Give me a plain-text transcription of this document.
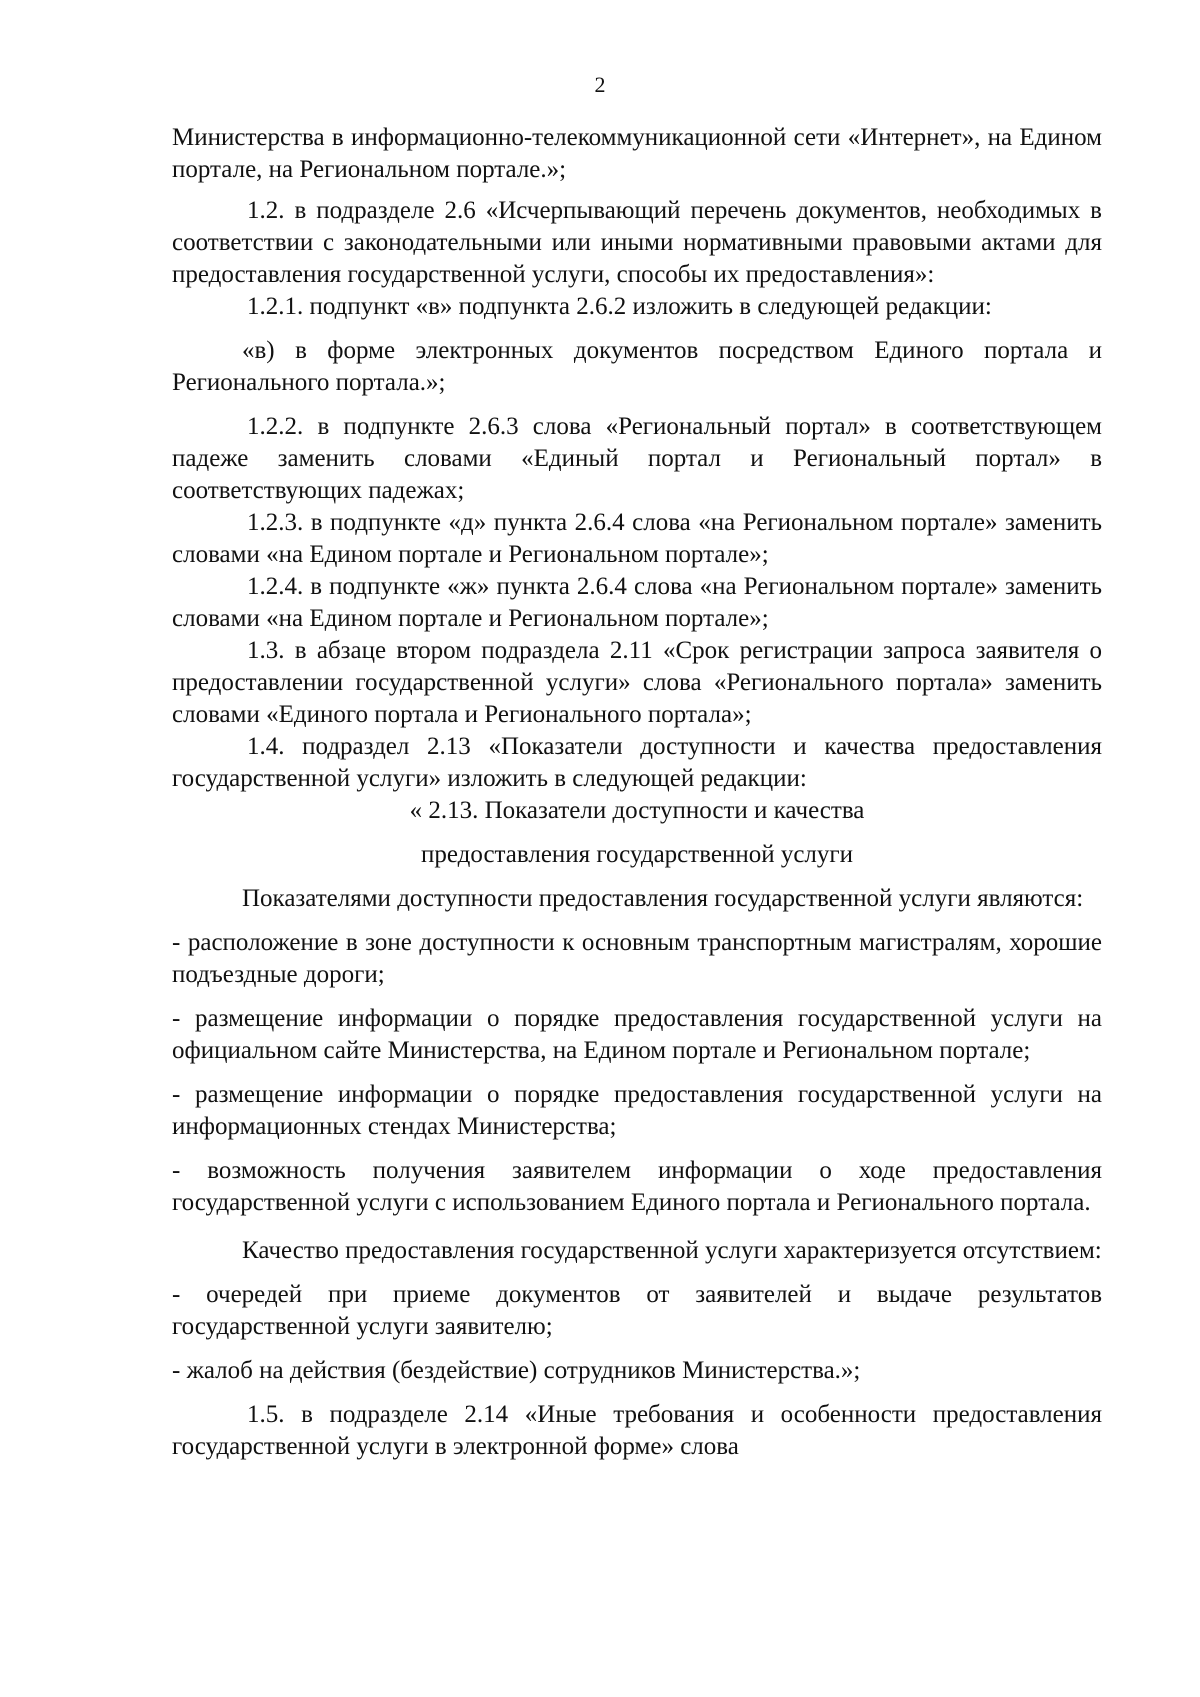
2

Министерства в информационно-телекоммуникационной сети «Интернет», на Едином портале, на Региональном портале.»;

1.2. в подразделе 2.6 «Исчерпывающий перечень документов, необходимых в соответствии с законодательными или иными нормативными правовыми актами для предоставления государственной услуги, способы их предоставления»:

1.2.1. подпункт «в» подпункта 2.6.2 изложить в следующей редакции:

«в) в форме электронных документов посредством Единого портала и Регионального портала.»;

1.2.2. в подпункте 2.6.3 слова «Региональный портал» в соответствующем падеже заменить словами «Единый портал и Региональный портал» в соответствующих падежах;

1.2.3. в подпункте «д» пункта 2.6.4 слова «на Региональном портале» заменить словами «на Едином портале и Региональном портале»;

1.2.4. в подпункте «ж» пункта 2.6.4 слова «на Региональном портале» заменить словами «на Едином портале и Региональном портале»;

1.3. в абзаце втором подраздела 2.11 «Срок регистрации запроса заявителя о предоставлении государственной услуги» слова «Регионального портала» заменить словами «Единого портала и Регионального портала»;

1.4. подраздел 2.13 «Показатели доступности и качества предоставления государственной услуги» изложить в следующей редакции:

« 2.13. Показатели доступности и качества

предоставления государственной услуги

Показателями доступности предоставления государственной услуги являются:

- расположение в зоне доступности к основным транспортным магистралям, хорошие подъездные дороги;

- размещение информации о порядке предоставления государственной услуги на официальном сайте Министерства, на Едином портале и Региональном портале;

- размещение информации о порядке предоставления государственной услуги на информационных стендах Министерства;

- возможность получения заявителем информации о ходе предоставления государственной услуги с использованием Единого портала и Регионального портала.

Качество предоставления государственной услуги характеризуется отсутствием:

- очередей при приеме документов от заявителей и выдаче результатов государственной услуги заявителю;

- жалоб на действия (бездействие) сотрудников Министерства.»;

1.5. в подразделе 2.14 «Иные требования и особенности предоставления государственной услуги в электронной форме» слова
